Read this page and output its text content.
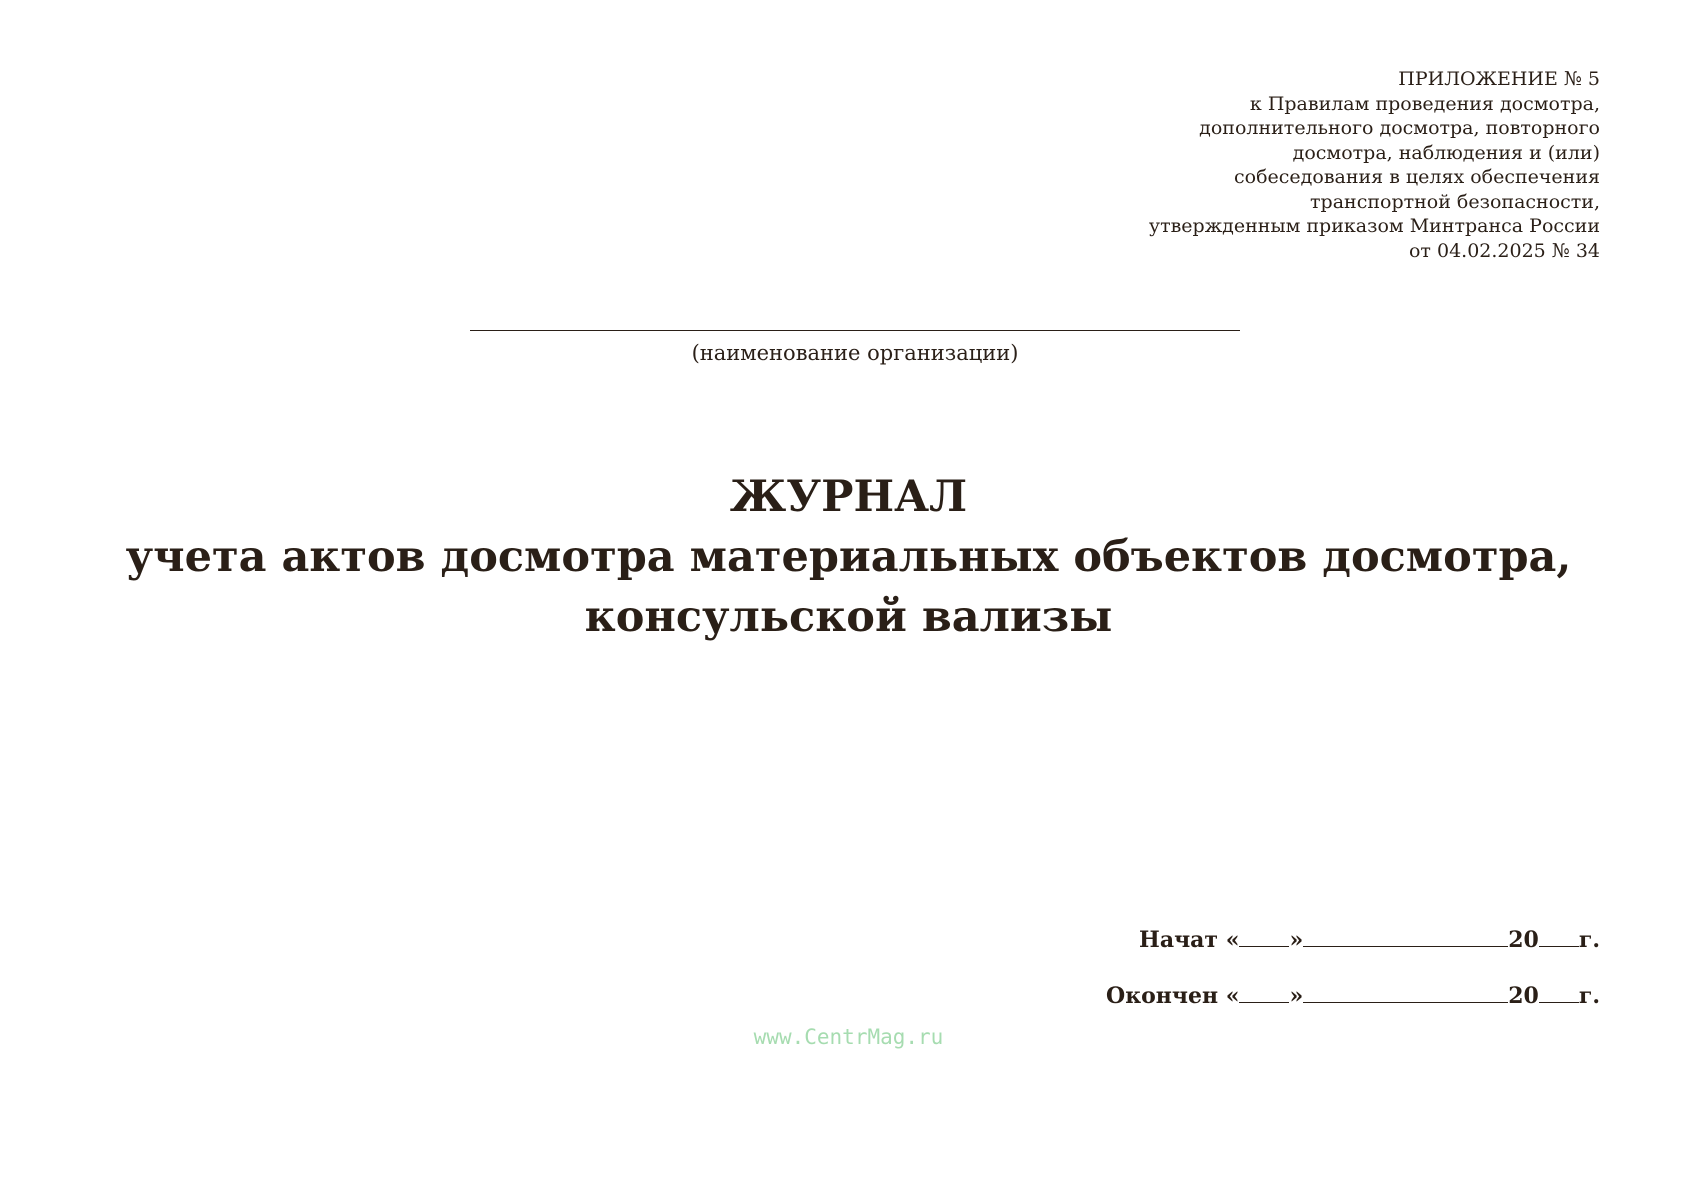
ПРИЛОЖЕНИЕ № 5
к Правилам проведения досмотра,
дополнительного досмотра, повторного
досмотра, наблюдения и (или)
собеседования в целях обеспечения
транспортной безопасности,
утвержденным приказом Минтранса России
от 04.02.2025 № 34
(наименование организации)
ЖУРНАЛ
учета актов досмотра материальных объектов досмотра,
консульской вализы
Начат « »	20 г.
Окончен « »	20 г.
www.CentrMag.ru
